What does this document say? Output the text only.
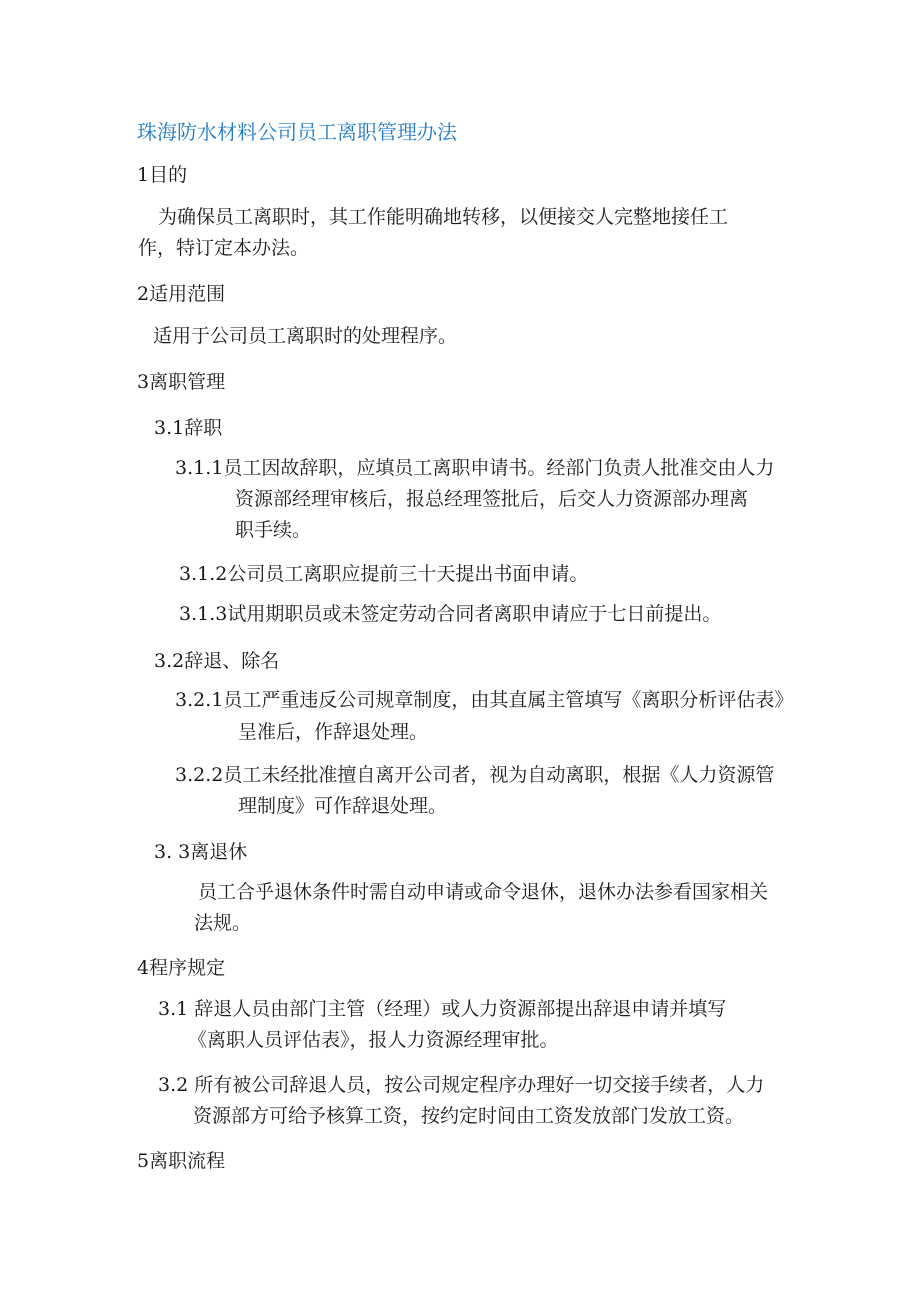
珠海防水材料公司员工离职管理办法
1目的
为确保员工离职时，其工作能明确地转移，以便接交人完整地接任工
作，特订定本办法。
2适用范围
适用于公司员工离职时的处理程序。
3离职管理
3.1辞职
3.1.1员工因故辞职，应填员工离职申请书。经部门负责人批准交由人力
资源部经理审核后，报总经理签批后，后交人力资源部办理离
职手续。
3.1.2公司员工离职应提前三十天提出书面申请。
3.1.3试用期职员或未签定劳动合同者离职申请应于七日前提出。
3.2辞退、除名
3.2.1员工严重违反公司规章制度，由其直属主管填写《离职分析评估表》
呈准后，作辞退处理。
3.2.2员工未经批准擅自离开公司者，视为自动离职，根据《人力资源管
理制度》可作辞退处理。
3. 3离退休
员工合乎退休条件时需自动申请或命令退休，退休办法参看国家相关
法规。
4程序规定
3.1 辞退人员由部门主管（经理）或人力资源部提出辞退申请并填写
《离职人员评估表》，报人力资源经理审批。
3.2 所有被公司辞退人员，按公司规定程序办理好一切交接手续者，人力
资源部方可给予核算工资，按约定时间由工资发放部门发放工资。
5离职流程
